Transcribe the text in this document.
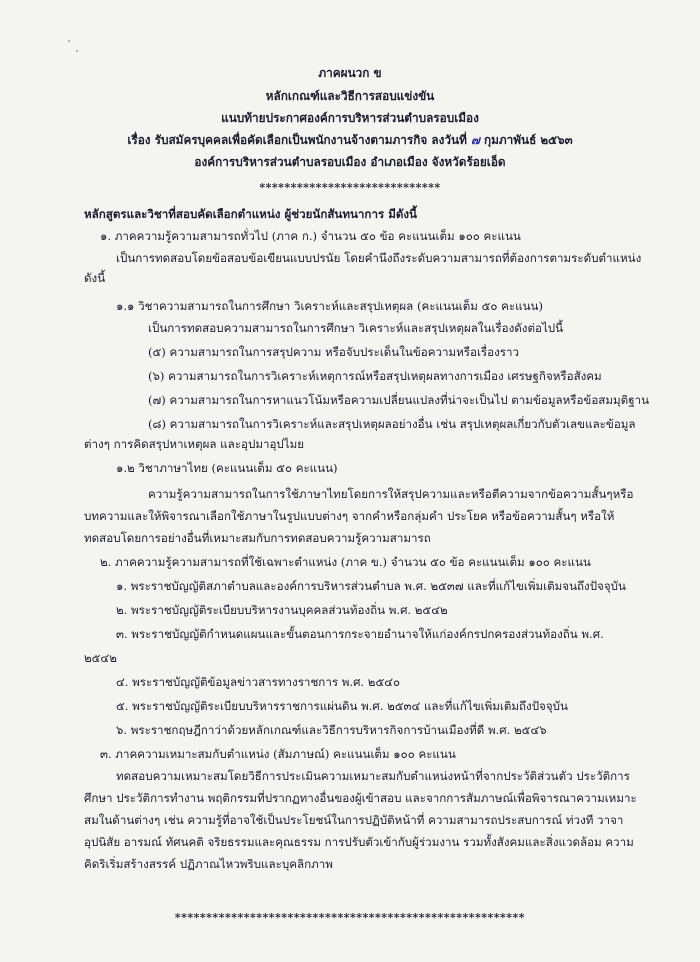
ภาคผนวก ข
หลักเกณฑ์และวิธีการสอบแข่งขัน
แนบท้ายประกาศองค์การบริหารส่วนตำบลรอบเมือง
เรื่อง รับสมัครบุคคลเพื่อคัดเลือกเป็นพนักงานจ้างตามภารกิจ ลงวันที่ ๗ กุมภาพันธ์ ๒๕๖๓
องค์การบริหารส่วนตำบลรอบเมือง อำเภอเมือง จังหวัดร้อยเอ็ด
*****************************
หลักสูตรและวิชาที่สอบคัดเลือกตำแหน่ง ผู้ช่วยนักสันทนาการ มีดังนี้
๑. ภาคความรู้ความสามารถทั่วไป (ภาค ก.) จำนวน ๕๐ ข้อ คะแนนเต็ม ๑๐๐ คะแนน
เป็นการทดสอบโดยข้อสอบข้อเขียนแบบปรนัย โดยคำนึงถึงระดับความสามารถที่ต้องการตามระดับตำแหน่ง
ดังนี้
๑.๑ วิชาความสามารถในการศึกษา วิเคราะห์และสรุปเหตุผล (คะแนนเต็ม ๕๐ คะแนน)
เป็นการทดสอบความสามารถในการศึกษา วิเคราะห์และสรุปเหตุผลในเรื่องดังต่อไปนี้
(๕) ความสามารถในการสรุปความ หรือจับประเด็นในข้อความหรือเรื่องราว
(๖) ความสามารถในการวิเคราะห์เหตุการณ์หรือสรุปเหตุผลทางการเมือง เศรษฐกิจหรือสังคม
(๗) ความสามารถในการหาแนวโน้มหรือความเปลี่ยนแปลงที่น่าจะเป็นไป ตามข้อมูลหรือข้อสมมุติฐาน
(๘) ความสามารถในการวิเคราะห์และสรุปเหตุผลอย่างอื่น เช่น สรุปเหตุผลเกี่ยวกับตัวเลขและข้อมูล
ต่างๆ การคิดสรุปหาเหตุผล และอุปมาอุปไมย
๑.๒ วิชาภาษาไทย (คะแนนเต็ม ๕๐ คะแนน)
ความรู้ความสามารถในการใช้ภาษาไทยโดยการให้สรุปความและหรือตีความจากข้อความสั้นๆหรือ
บทความและให้พิจารณาเลือกใช้ภาษาในรูปแบบต่างๆ จากคำหรือกลุ่มคำ ประโยค หรือข้อความสั้นๆ หรือให้
ทดสอบโดยการอย่างอื่นที่เหมาะสมกับการทดสอบความรู้ความสามารถ
๒. ภาคความรู้ความสามารถที่ใช้เฉพาะตำแหน่ง (ภาค ข.) จำนวน ๕๐ ข้อ คะแนนเต็ม ๑๐๐ คะแนน
๑. พระราชบัญญัติสภาตำบลและองค์การบริหารส่วนตำบล พ.ศ. ๒๕๓๗ และที่แก้ไขเพิ่มเติมจนถึงปัจจุบัน
๒. พระราชบัญญัติระเบียบบริหารงานบุคคลส่วนท้องถิ่น พ.ศ. ๒๕๔๒
๓. พระราชบัญญัติกำหนดแผนและขั้นตอนการกระจายอำนาจให้แก่องค์กรปกครองส่วนท้องถิ่น พ.ศ.
๒๕๔๒
๔. พระราชบัญญัติข้อมูลข่าวสารทางราชการ พ.ศ. ๒๕๔๐
๕. พระราชบัญญัติระเบียบบริหารราชการแผ่นดิน พ.ศ. ๒๕๓๔ และที่แก้ไขเพิ่มเติมถึงปัจจุบัน
๖. พระราชกฤษฎีกาว่าด้วยหลักเกณฑ์และวิธีการบริหารกิจการบ้านเมืองที่ดี พ.ศ. ๒๕๔๖
๓. ภาคความเหมาะสมกับตำแหน่ง (สัมภาษณ์) คะแนนเต็ม ๑๐๐ คะแนน
ทดสอบความเหมาะสมโดยวิธีการประเมินความเหมาะสมกับตำแหน่งหน้าที่จากประวัติส่วนตัว ประวัติการ
ศึกษา ประวัติการทำงาน พฤติกรรมที่ปรากฏทางอื่นของผู้เข้าสอบ และจากการสัมภาษณ์เพื่อพิจารณาความเหมาะ
สมในด้านต่างๆ เช่น ความรู้ที่อาจใช้เป็นประโยชน์ในการปฏิบัติหน้าที่ ความสามารถประสบการณ์ ท่วงที วาจา
อุปนิสัย อารมณ์ ทัศนคติ จริยธรรมและคุณธรรม การปรับตัวเข้ากับผู้ร่วมงาน รวมทั้งสังคมและสิ่งแวดล้อม ความ
คิดริเริ่มสร้างสรรค์ ปฏิภาณไหวพริบและบุคลิกภาพ
********************************************************
